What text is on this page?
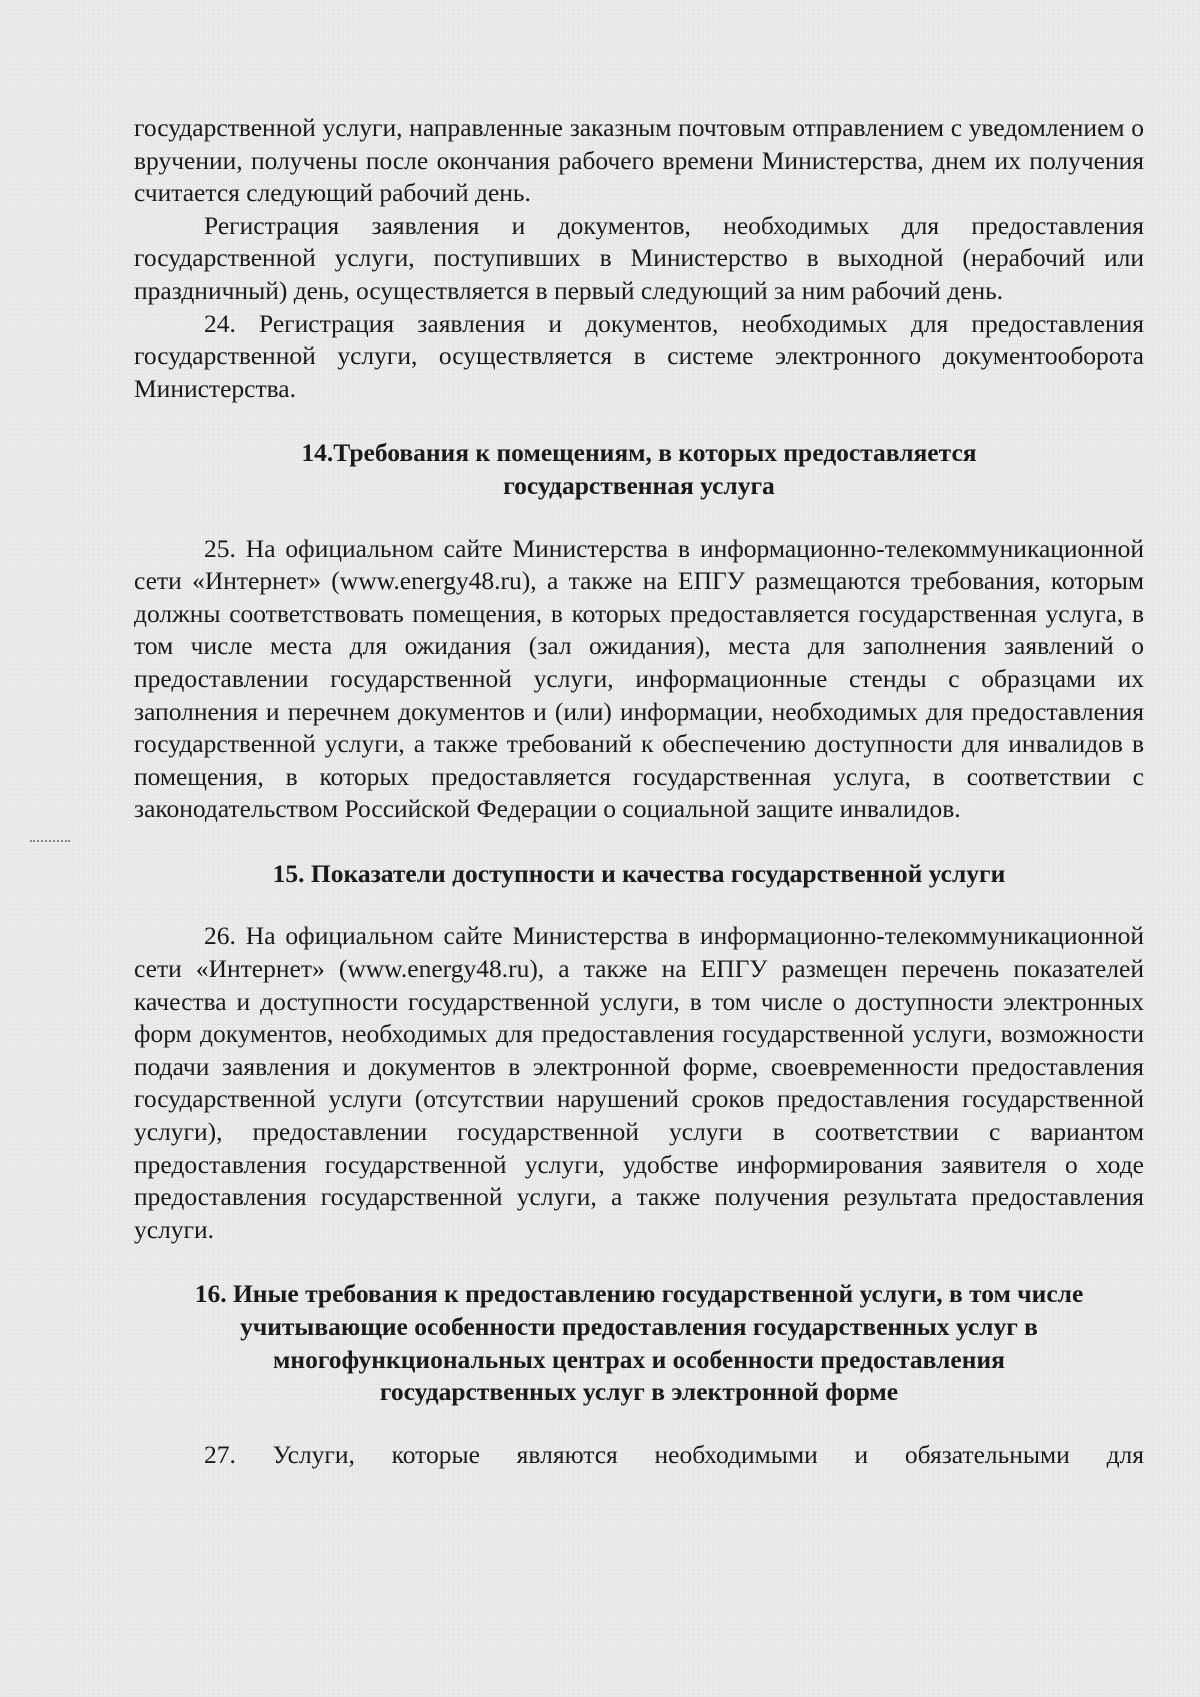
государственной услуги, направленные заказным почтовым отправлением с уведомлением о вручении, получены после окончания рабочего времени Министерства, днем их получения считается следующий рабочий день.

Регистрация заявления и документов, необходимых для предоставления государственной услуги, поступивших в Министерство в выходной (нерабочий или праздничный) день, осуществляется в первый следующий за ним рабочий день.

24. Регистрация заявления и документов, необходимых для предоставления государственной услуги, осуществляется в системе электронного документооборота Министерства.

14.Требования к помещениям, в которых предоставляется государственная услуга

25. На официальном сайте Министерства в информационно-телекоммуникационной сети «Интернет» (www.energy48.ru), а также на ЕПГУ размещаются требования, которым должны соответствовать помещения, в которых предоставляется государственная услуга, в том числе места для ожидания (зал ожидания), места для заполнения заявлений о предоставлении государственной услуги, информационные стенды с образцами их заполнения и перечнем документов и (или) информации, необходимых для предоставления государственной услуги, а также требований к обеспечению доступности для инвалидов в помещения, в которых предоставляется государственная услуга, в соответствии с законодательством Российской Федерации о социальной защите инвалидов.

15. Показатели доступности и качества государственной услуги

26. На официальном сайте Министерства в информационно-телекоммуникационной сети «Интернет» (www.energy48.ru), а также на ЕПГУ размещен перечень показателей качества и доступности государственной услуги, в том числе о доступности электронных форм документов, необходимых для предоставления государственной услуги, возможности подачи заявления и документов в электронной форме, своевременности предоставления государственной услуги (отсутствии нарушений сроков предоставления государственной услуги), предоставлении государственной услуги в соответствии с вариантом предоставления государственной услуги, удобстве информирования заявителя о ходе предоставления государственной услуги, а также получения результата предоставления услуги.

16. Иные требования к предоставлению государственной услуги, в том числе учитывающие особенности предоставления государственных услуг в многофункциональных центрах и особенности предоставления государственных услуг в электронной форме

27. Услуги, которые являются необходимыми и обязательными для
